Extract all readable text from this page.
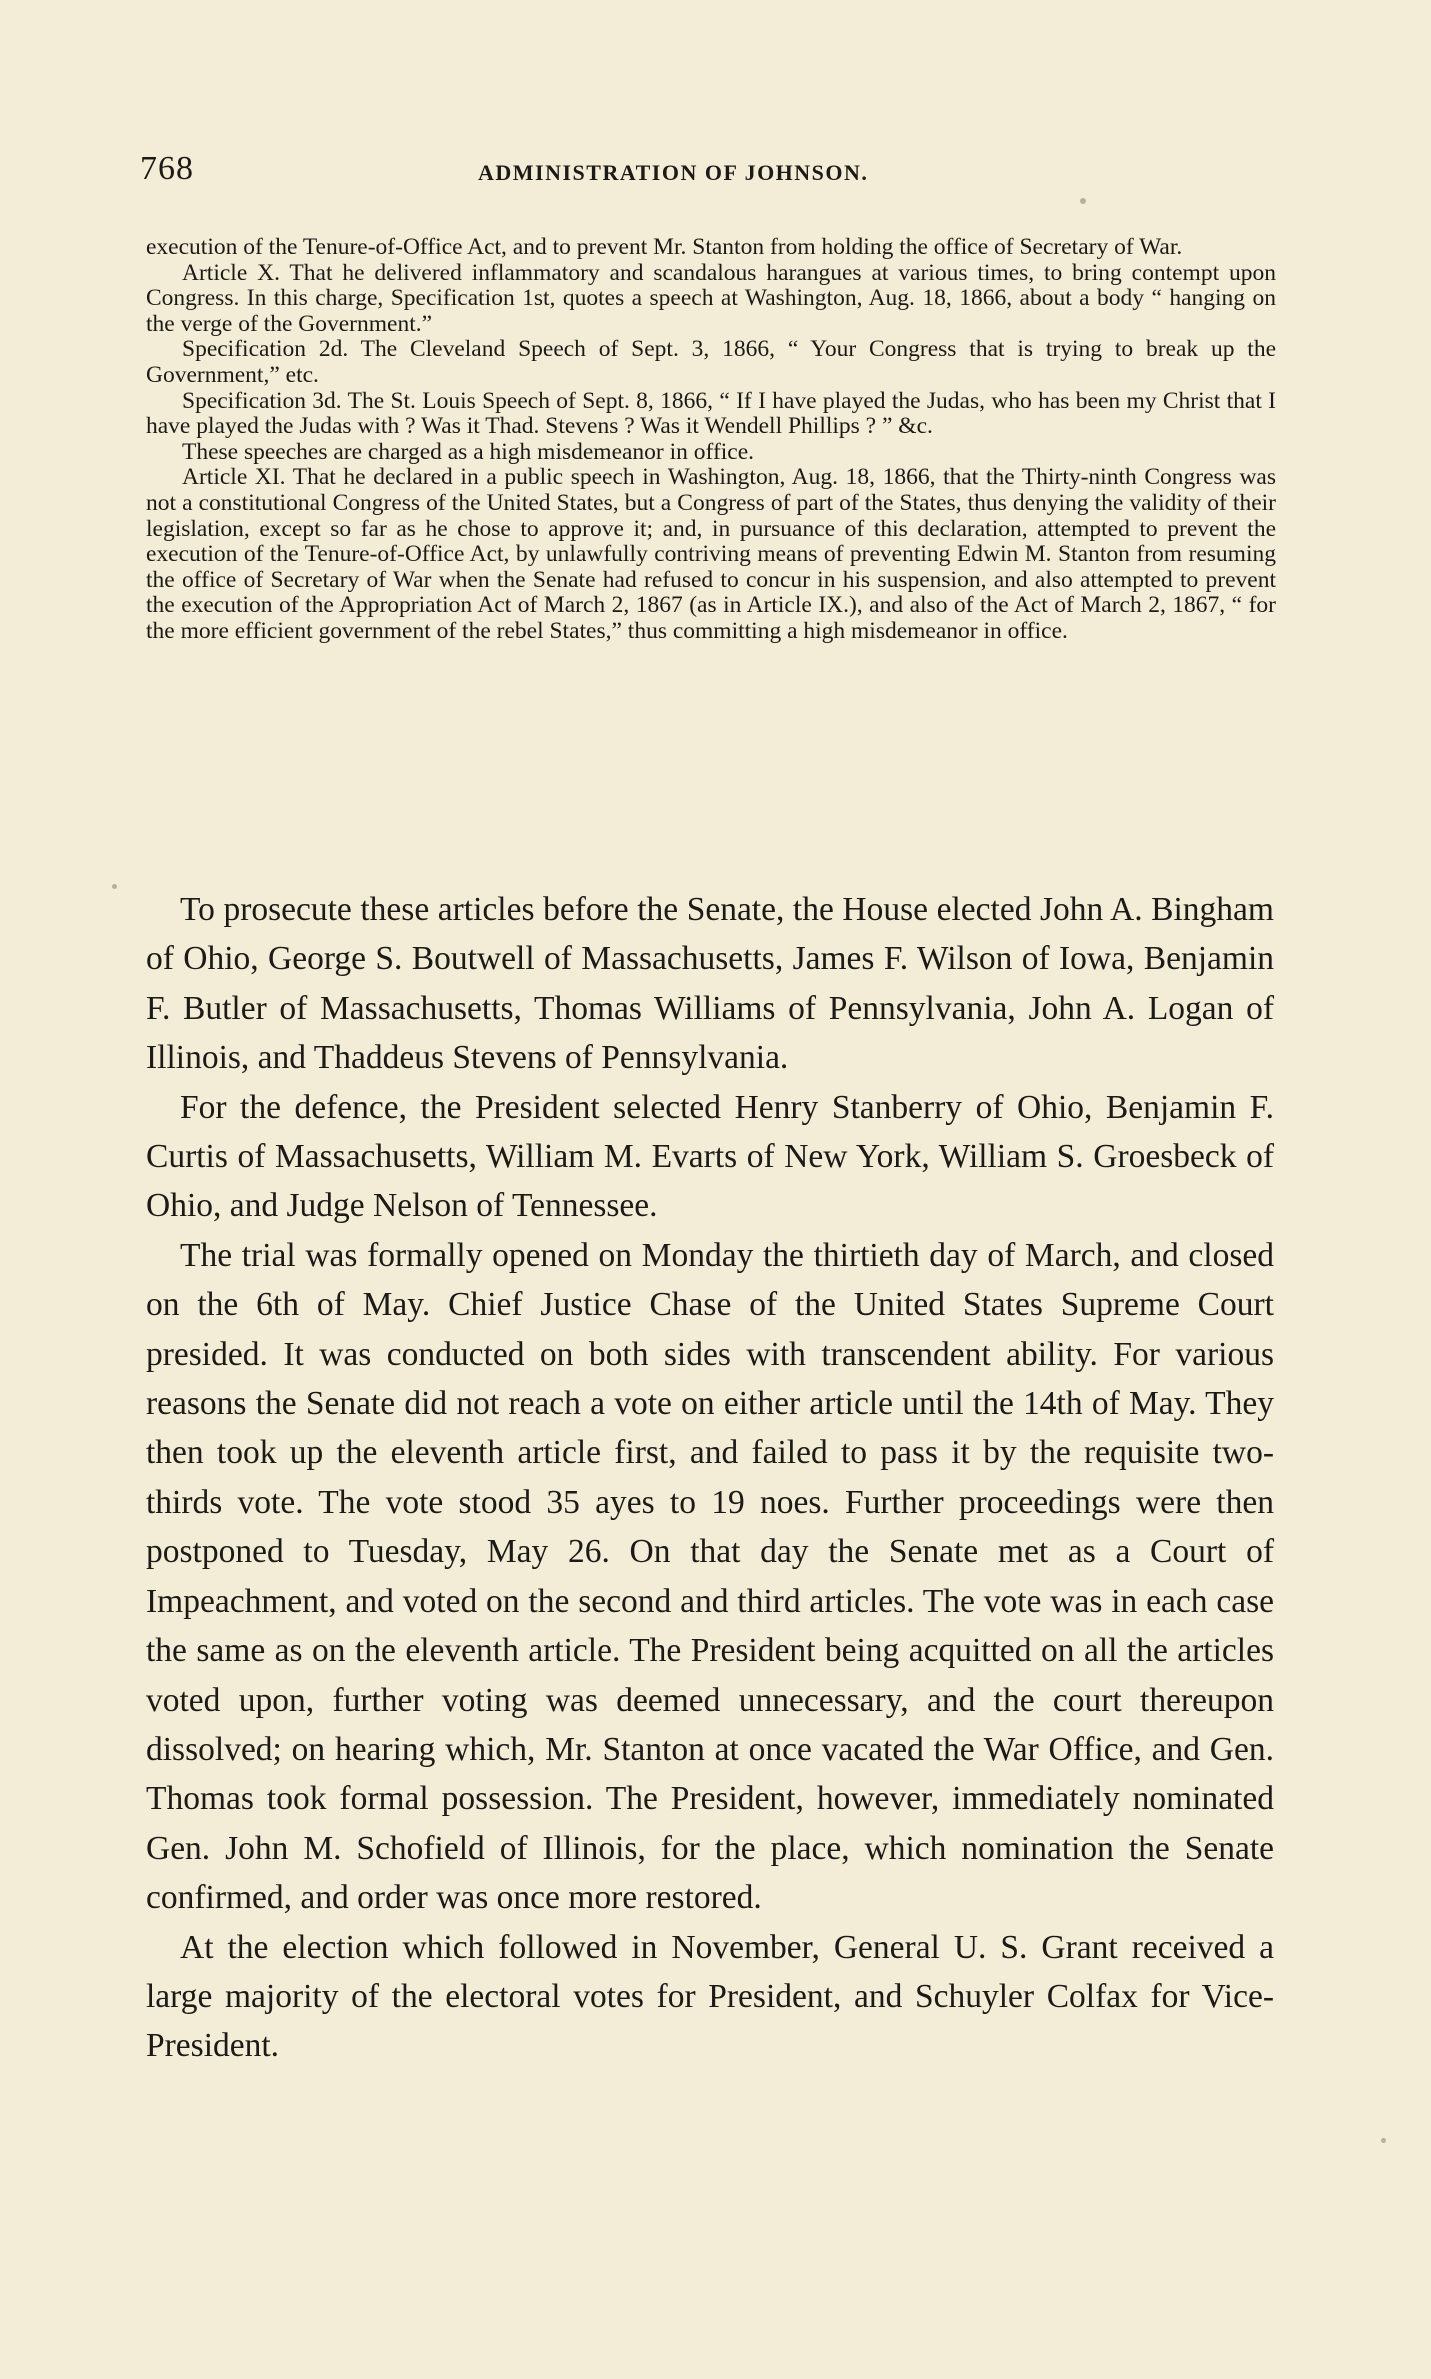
768	ADMINISTRATION OF JOHNSON.

execution of the Tenure-of-Office Act, and to prevent Mr. Stanton from holding the office of Secretary of War.

Article X. That he delivered inflammatory and scandalous harangues at various times, to bring contempt upon Congress. In this charge, Specification 1st, quotes a speech at Washington, Aug. 18, 1866, about a body “ hanging on the verge of the Government.”

Specification 2d. The Cleveland Speech of Sept. 3, 1866, “ Your Congress that is trying to break up the Government,” etc.

Specification 3d. The St. Louis Speech of Sept. 8, 1866, “ If I have played the Judas, who has been my Christ that I have played the Judas with ? Was it Thad. Stevens ? Was it Wendell Phillips ? ” &c.

These speeches are charged as a high misdemeanor in office.

Article XI. That he declared in a public speech in Washington, Aug. 18, 1866, that the Thirty-ninth Congress was not a constitutional Congress of the United States, but a Congress of part of the States, thus denying the validity of their legislation, except so far as he chose to approve it; and, in pursuance of this declaration, attempted to prevent the execution of the Tenure-of-Office Act, by unlawfully contriving means of preventing Edwin M. Stanton from resuming the office of Secretary of War when the Senate had refused to concur in his suspension, and also attempted to prevent the execution of the Appropriation Act of March 2, 1867 (as in Article IX.), and also of the Act of March 2, 1867, “ for the more efficient government of the rebel States,” thus committing a high misdemeanor in office.

To prosecute these articles before the Senate, the House elected John A. Bingham of Ohio, George S. Boutwell of Massachusetts, James F. Wilson of Iowa, Benjamin F. Butler of Massachusetts, Thomas Williams of Pennsylvania, John A. Logan of Illinois, and Thaddeus Stevens of Pennsylvania.

For the defence, the President selected Henry Stanberry of Ohio, Benjamin F. Curtis of Massachusetts, William M. Evarts of New York, William S. Groesbeck of Ohio, and Judge Nelson of Tennessee.

The trial was formally opened on Monday the thirtieth day of March, and closed on the 6th of May. Chief Justice Chase of the United States Supreme Court presided. It was conducted on both sides with transcendent ability. For various reasons the Senate did not reach a vote on either article until the 14th of May. They then took up the eleventh article first, and failed to pass it by the requisite two-thirds vote. The vote stood 35 ayes to 19 noes. Further proceedings were then postponed to Tuesday, May 26. On that day the Senate met as a Court of Impeachment, and voted on the second and third articles. The vote was in each case the same as on the eleventh article. The President being acquitted on all the articles voted upon, further voting was deemed unnecessary, and the court thereupon dissolved; on hearing which, Mr. Stanton at once vacated the War Office, and Gen. Thomas took formal possession. The President, however, immediately nominated Gen. John M. Schofield of Illinois, for the place, which nomination the Senate confirmed, and order was once more restored.

At the election which followed in November, General U. S. Grant received a large majority of the electoral votes for President, and Schuyler Colfax for Vice-President.
